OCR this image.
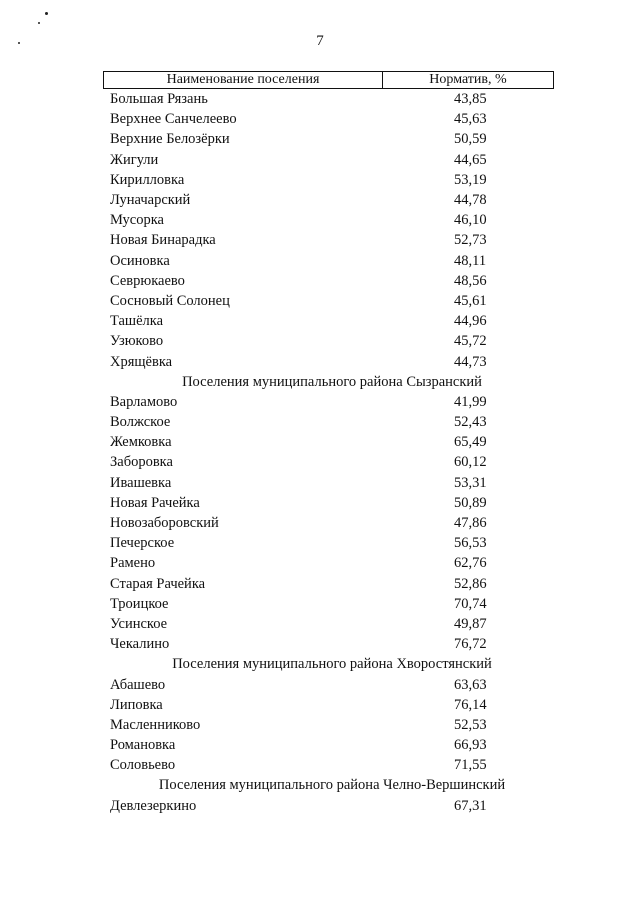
7
Наименование поселения	Норматив, %
Большая Рязань	43,85
Верхнее Санчелеево	45,63
Верхние Белозёрки	50,59
Жигули	44,65
Кирилловка	53,19
Луначарский	44,78
Мусорка	46,10
Новая Бинарадка	52,73
Осиновка	48,11
Севрюкаево	48,56
Сосновый Солонец	45,61
Ташёлка	44,96
Узюково	45,72
Хрящёвка	44,73
Поселения муниципального района Сызранский
Варламово	41,99
Волжское	52,43
Жемковка	65,49
Заборовка	60,12
Ивашевка	53,31
Новая Рачейка	50,89
Новозаборовский	47,86
Печерское	56,53
Рамено	62,76
Старая Рачейка	52,86
Троицкое	70,74
Усинское	49,87
Чекалино	76,72
Поселения муниципального района Хворостянский
Абашево	63,63
Липовка	76,14
Масленниково	52,53
Романовка	66,93
Соловьево	71,55
Поселения муниципального района Челно-Вершинский
Девлезеркино	67,31
